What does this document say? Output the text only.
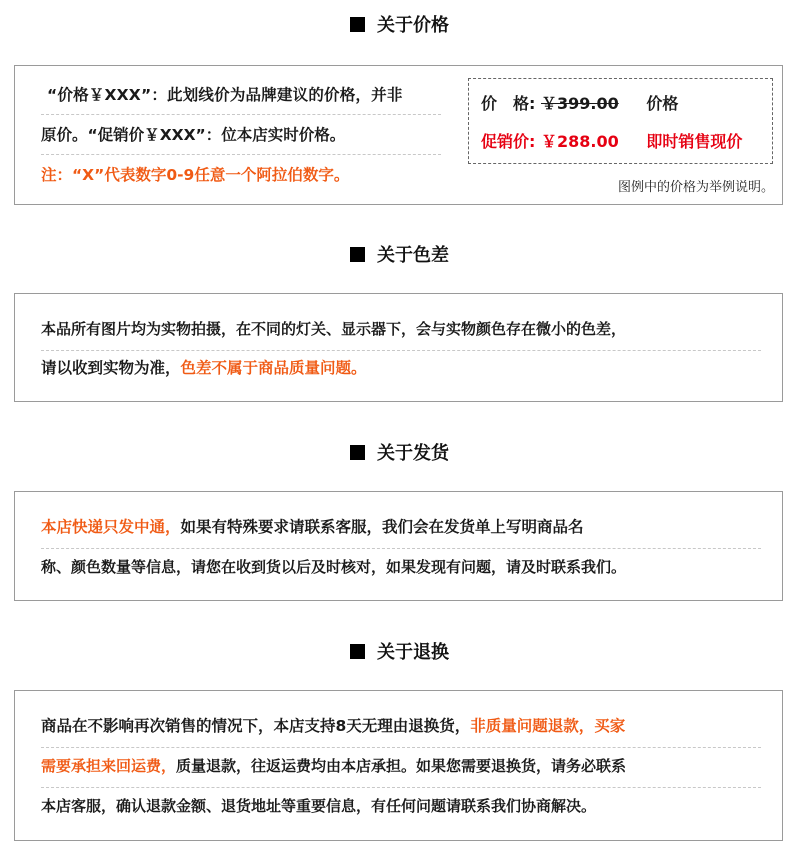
关于价格
“价格￥XXX”：此划线价为品牌建议的价格，并非
原价。“促销价￥XXX”：位本店实时价格。
注：“X”代表数字0-9任意一个阿拉伯数字。
价　格: ￥399.00 价格
促销价: ￥288.00 即时销售现价
图例中的价格为举例说明。
关于色差
本品所有图片均为实物拍摄，在不同的灯关、显示器下，会与实物颜色存在微小的色差，
请以收到实物为准，色差不属于商品质量问题。
关于发货
本店快递只发中通，如果有特殊要求请联系客服，我们会在发货单上写明商品名
称、颜色数量等信息，请您在收到货以后及时核对，如果发现有问题，请及时联系我们。
关于退换
商品在不影响再次销售的情况下，本店支持8天无理由退换货，非质量问题退款，买家
需要承担来回运费，质量退款，往返运费均由本店承担。如果您需要退换货，请务必联系
本店客服，确认退款金额、退货地址等重要信息，有任何问题请联系我们协商解决。
